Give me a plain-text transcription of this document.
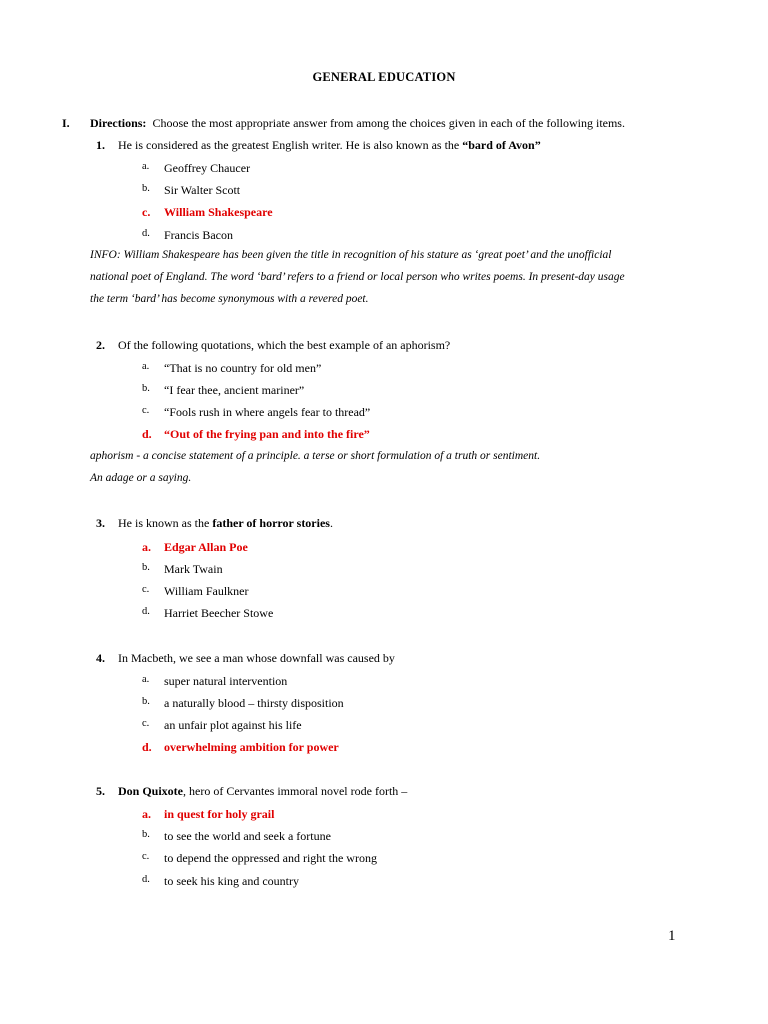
GENERAL EDUCATION
I. Directions: Choose the most appropriate answer from among the choices given in each of the following items.
1.	He is considered as the greatest English writer. He is also known as the “bard of Avon”
a.	Geoffrey Chaucer
b.	Sir Walter Scott
c.	William Shakespeare
d.	Francis Bacon
INFO: William Shakespeare has been given the title in recognition of his stature as ‘great poet’ and the unofficial
national poet of England. The word ‘bard’ refers to a friend or local person who writes poems. In present-day usage
the term ‘bard’ has become synonymous with a revered poet.
2.	Of the following quotations, which the best example of an aphorism?
a.	“That is no country for old men”
b.	“I fear thee, ancient mariner”
c.	“Fools rush in where angels fear to thread”
d.	“Out of the frying pan and into the fire”
aphorism - a concise statement of a principle. a terse or short formulation of a truth or sentiment.
An adage or a saying.
3.	He is known as the father of horror stories.
a.	Edgar Allan Poe
b.	Mark Twain
c.	William Faulkner
d.	Harriet Beecher Stowe
4.	In Macbeth, we see a man whose downfall was caused by
a.	super natural intervention
b.	a naturally blood – thirsty disposition
c.	an unfair plot against his life
d.	overwhelming ambition for power
5.	Don Quixote, hero of Cervantes immoral novel rode forth –
a.	in quest for holy grail
b.	to see the world and seek a fortune
c.	to depend the oppressed and right the wrong
d.	to seek his king and country
1
